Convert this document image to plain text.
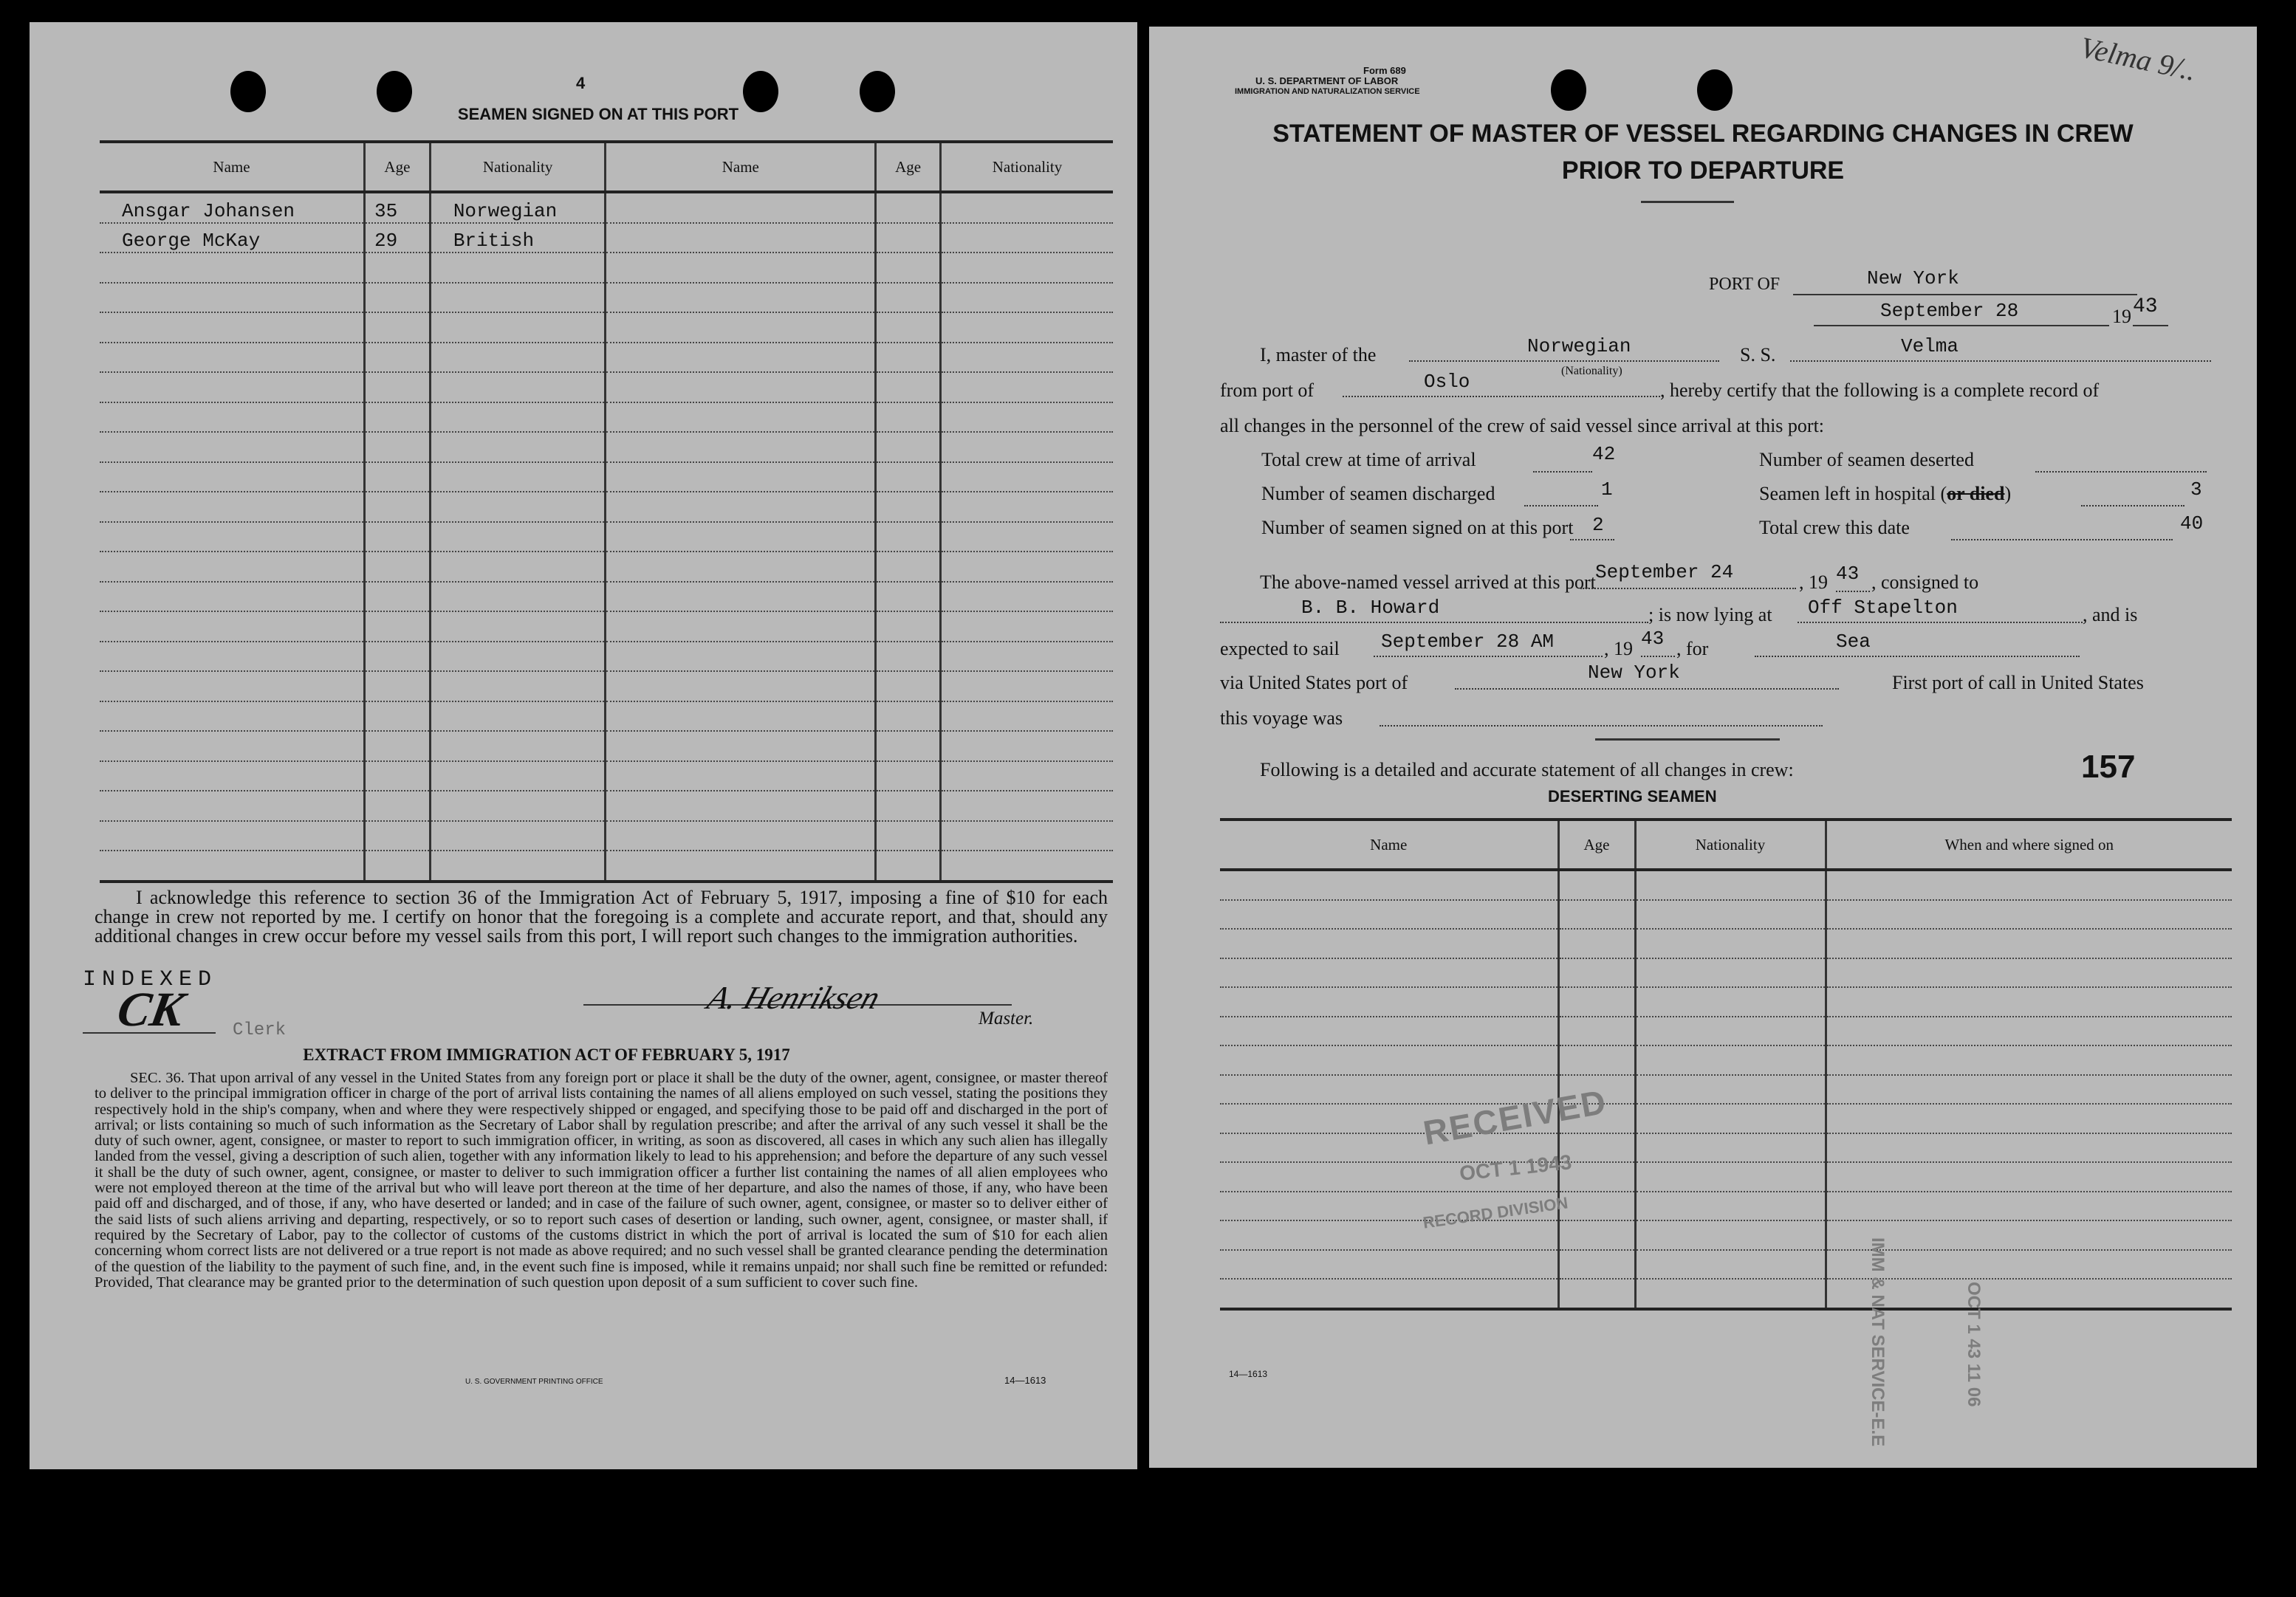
4
SEAMEN SIGNED ON AT THIS PORT
Name	Age	Nationality	Name	Age	Nationality
Ansgar Johansen	35	Norwegian			
George McKay	29	British			

I acknowledge this reference to section 36 of the Immigration Act of February 5, 1917, imposing a fine of $10 for each change in crew not reported by me. I certify on honor that the foregoing is a complete and accurate report, and that, should any additional changes in crew occur before my vessel sails from this port, I will report such changes to the immigration authorities.
INDEXED
CK	Clerk
A. Henriksen
Master.
EXTRACT FROM IMMIGRATION ACT OF FEBRUARY 5, 1917
SEC. 36. That upon arrival of any vessel in the United States from any foreign port or place it shall be the duty of the owner, agent, consignee, or master thereof to deliver to the principal immigration officer in charge of the port of arrival lists containing the names of all aliens employed on such vessel, stating the positions they respectively hold in the ship's company, when and where they were respectively shipped or engaged, and specifying those to be paid off and discharged in the port of arrival; or lists containing so much of such information as the Secretary of Labor shall by regulation prescribe; and after the arrival of any such vessel it shall be the duty of such owner, agent, consignee, or master to report to such immigration officer, in writing, as soon as discovered, all cases in which any such alien has illegally landed from the vessel, giving a description of such alien, together with any information likely to lead to his apprehension; and before the departure of any such vessel it shall be the duty of such owner, agent, consignee, or master to deliver to such immigration officer a further list containing the names of all alien employees who were not employed thereon at the time of the arrival but who will leave port thereon at the time of her departure, and also the names of those, if any, who have been paid off and discharged, and of those, if any, who have deserted or landed; and in case of the failure of such owner, agent, consignee, or master so to deliver either of the said lists of such aliens arriving and departing, respectively, or so to report such cases of desertion or landing, such owner, agent, consignee, or master shall, if required by the Secretary of Labor, pay to the collector of customs of the customs district in which the port of arrival is located the sum of $10 for each alien concerning whom correct lists are not delivered or a true report is not made as above required; and no such vessel shall be granted clearance pending the determination of the question of the liability to the payment of such fine, and, in the event such fine is imposed, while it remains unpaid; nor shall such fine be remitted or refunded: Provided, That clearance may be granted prior to the determination of such question upon deposit of a sum sufficient to cover such fine.
U. S. GOVERNMENT PRINTING OFFICE	14—1613
Form 689
U. S. DEPARTMENT OF LABOR
IMMIGRATION AND NATURALIZATION SERVICE
Velma 9/..
STATEMENT OF MASTER OF VESSEL REGARDING CHANGES IN CREW
PRIOR TO DEPARTURE
PORT OF	New York
September 28	19 43
I, master of the	Norwegian
(Nationality)
S. S.	Velma
from port of	Oslo	, hereby certify that the following is a complete record of
all changes in the personnel of the crew of said vessel since arrival at this port:
Total crew at time of arrival	42
Number of seamen discharged	1
Number of seamen signed on at this port 2
Number of seamen deserted
Seamen left in hospital (or died)	3
Total crew this date	40
The above-named vessel arrived at this port September 24	, 19 43 , consigned to
B. B. Howard	; is now lying at Off Stapelton	, and is
expected to sail September 28 AM	, 19 43 , for	Sea
via United States port of	New York	First port of call in United States
this voyage was
Following is a detailed and accurate statement of all changes in crew:	157
DESERTING SEAMEN
Name	Age	Nationality	When and where signed on

RECEIVED
OCT 1 1943
RECORD DIVISION
IMM & NAT SERVICE-E.E	OCT 1 43 11 06
14—1613
